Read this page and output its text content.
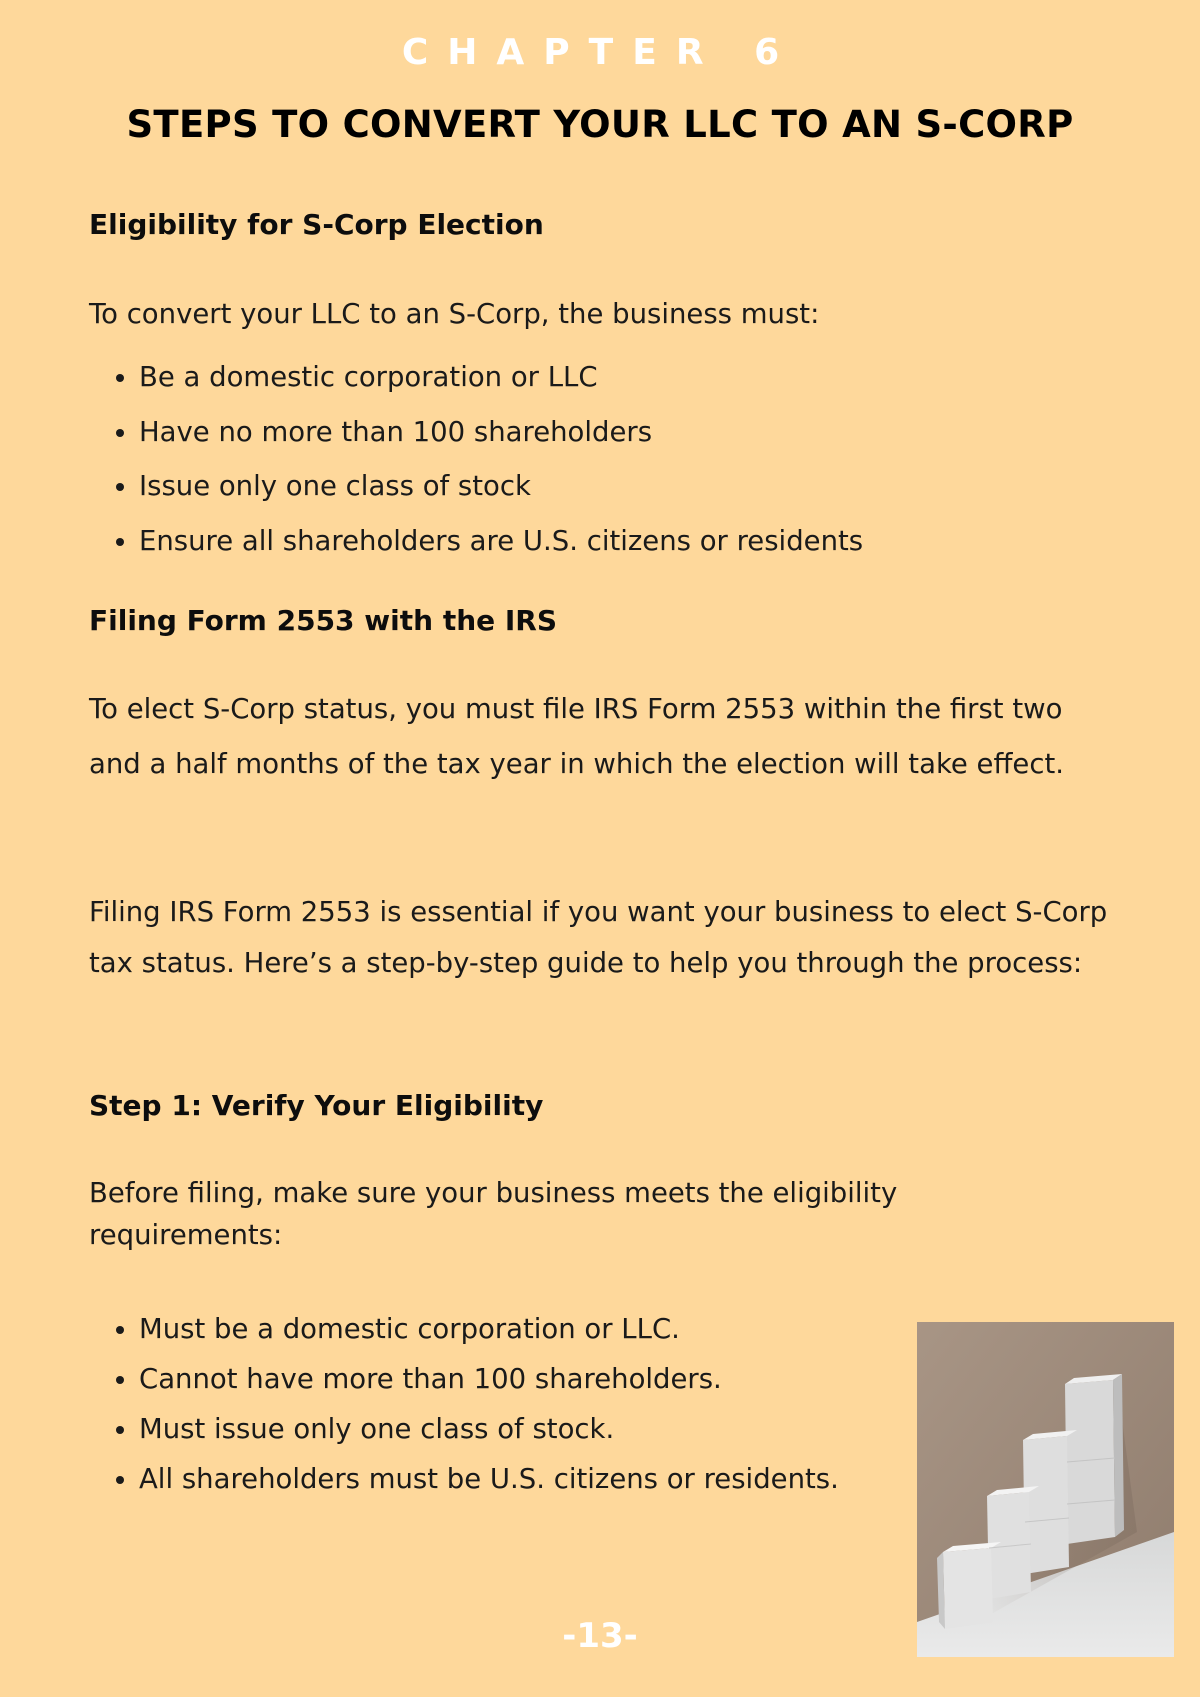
CHAPTER 6
STEPS TO CONVERT YOUR LLC TO AN S-CORP
Eligibility for S-Corp Election
To convert your LLC to an S-Corp, the business must:
• Be a domestic corporation or LLC
• Have no more than 100 shareholders
• Issue only one class of stock
• Ensure all shareholders are U.S. citizens or residents
Filing Form 2553 with the IRS
To elect S-Corp status, you must file IRS Form 2553 within the first two and a half months of the tax year in which the election will take effect.
Filing IRS Form 2553 is essential if you want your business to elect S-Corp tax status. Here’s a step-by-step guide to help you through the process:
Step 1: Verify Your Eligibility
Before filing, make sure your business meets the eligibility requirements:
• Must be a domestic corporation or LLC.
• Cannot have more than 100 shareholders.
• Must issue only one class of stock.
• All shareholders must be U.S. citizens or residents.
-13-
